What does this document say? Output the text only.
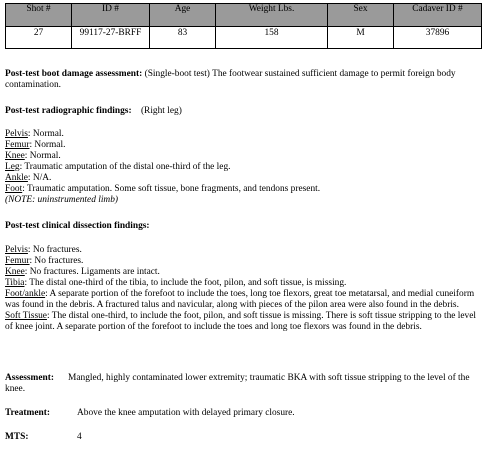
Shot #	ID #	Age	Weight Lbs.	Sex	Cadaver ID #
27	99117-27-BRFF	83	158	M	37896
Post-test boot damage assessment: (Single-boot test) The footwear sustained sufficient damage to permit foreign body contamination.
Post-test radiographic findings: (Right leg)
Pelvis: Normal.
Femur: Normal.
Knee: Normal.
Leg: Traumatic amputation of the distal one-third of the leg.
Ankle: N/A.
Foot: Traumatic amputation. Some soft tissue, bone fragments, and tendons present.
(NOTE: uninstrumented limb)
Post-test clinical dissection findings:
Pelvis: No fractures.
Femur: No fractures.
Knee: No fractures. Ligaments are intact.
Tibia: The distal one-third of the tibia, to include the foot, pilon, and soft tissue, is missing.
Foot/ankle: A separate portion of the forefoot to include the toes, long toe flexors, great toe metatarsal, and medial cuneiform was found in the debris. A fractured talus and navicular, along with pieces of the pilon area were also found in the debris.
Soft Tissue: The distal one-third, to include the foot, pilon, and soft tissue is missing. There is soft tissue stripping to the level of knee joint. A separate portion of the forefoot to include the toes and long toe flexors was found in the debris.
Assessment: Mangled, highly contaminated lower extremity; traumatic BKA with soft tissue stripping to the level of the knee.
Treatment:	Above the knee amputation with delayed primary closure.
MTS:	4
